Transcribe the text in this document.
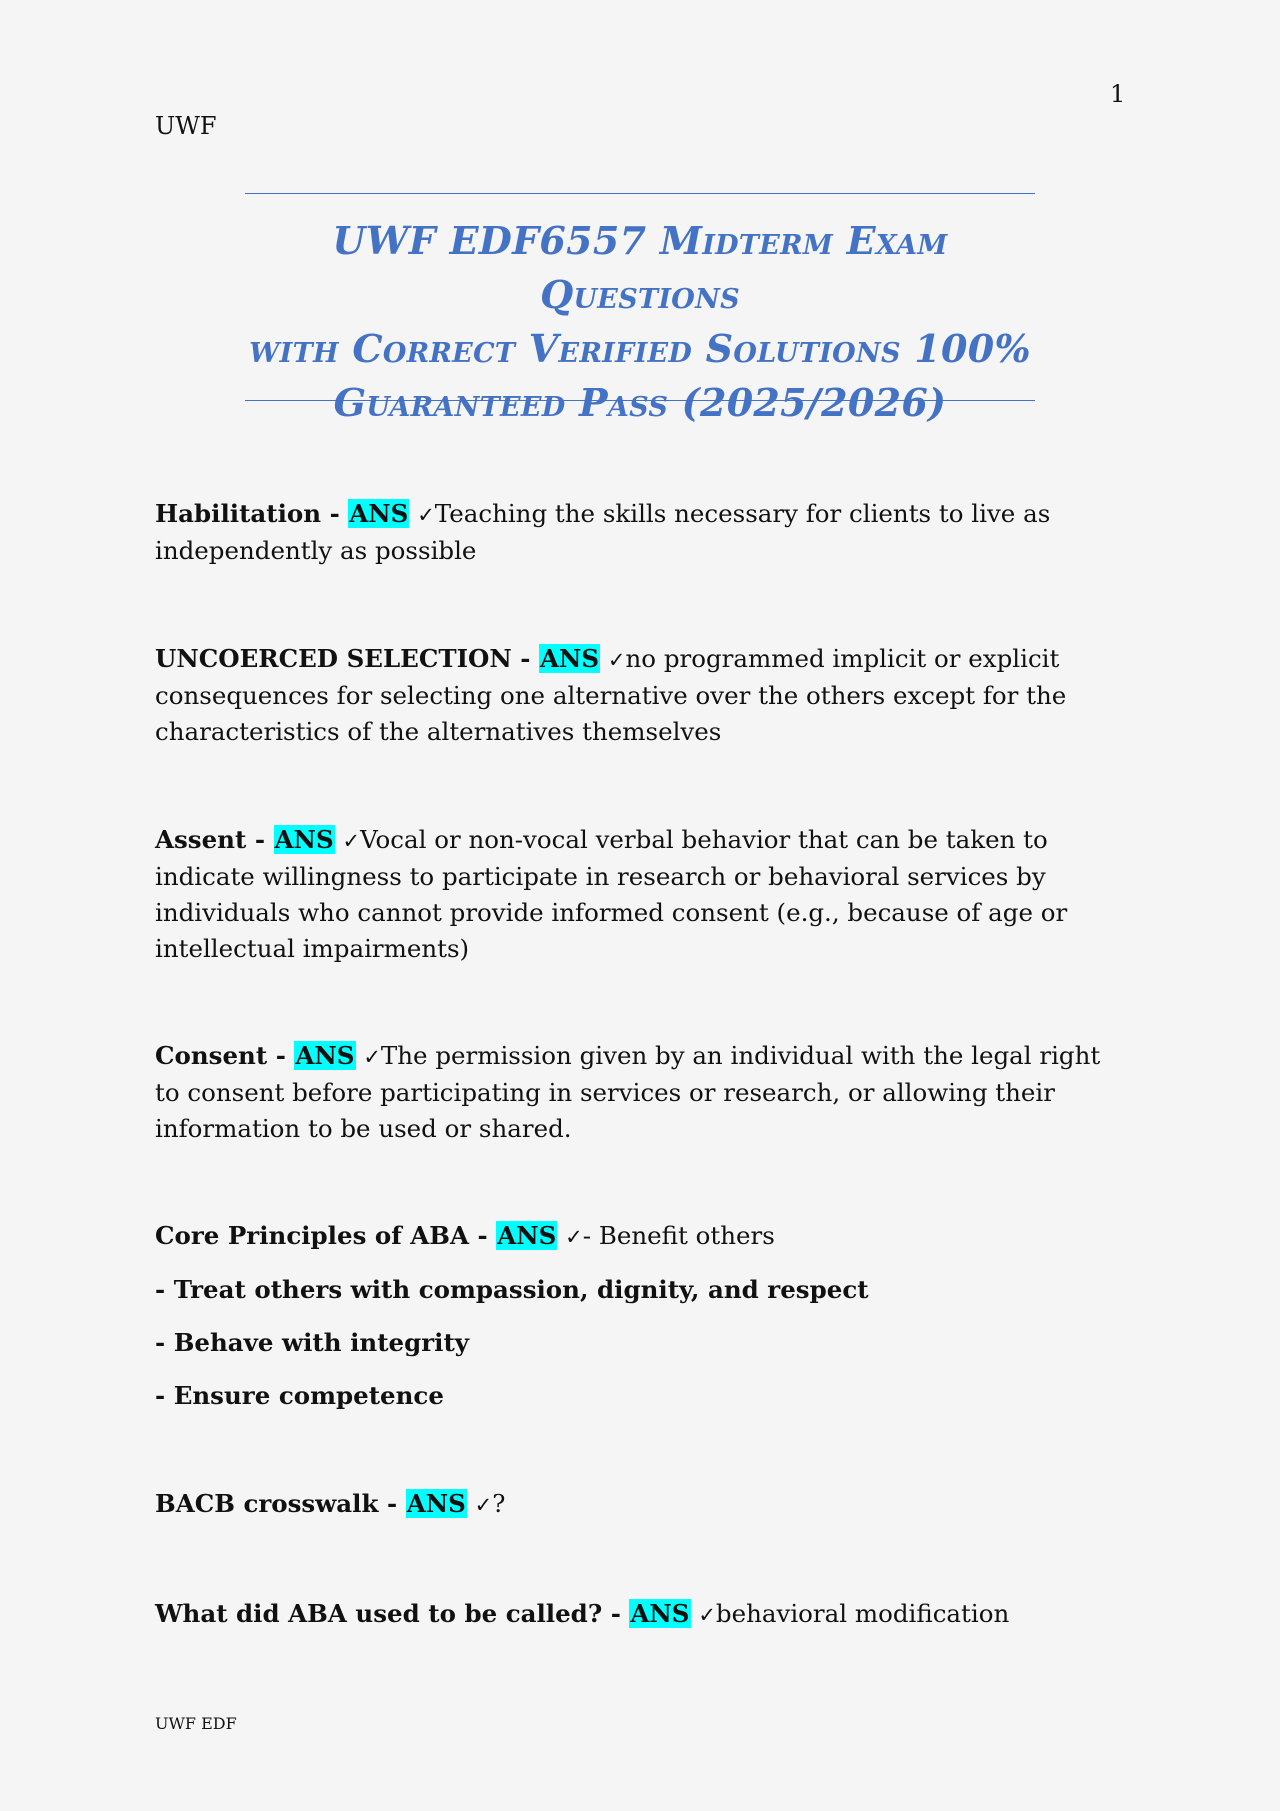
1
UWF
UWF EDF6557 Midterm Exam Questions
with Correct Verified Solutions 100%
Guaranteed Pass (2025/2026)
Habilitation - ANS ✓Teaching the skills necessary for clients to live as independently as possible
UNCOERCED SELECTION - ANS ✓no programmed implicit or explicit consequences for selecting one alternative over the others except for the characteristics of the alternatives themselves
Assent - ANS ✓Vocal or non-vocal verbal behavior that can be taken to indicate willingness to participate in research or behavioral services by individuals who cannot provide informed consent (e.g., because of age or intellectual impairments)
Consent - ANS ✓The permission given by an individual with the legal right to consent before participating in services or research, or allowing their information to be used or shared.
Core Principles of ABA - ANS ✓- Benefit others
- Treat others with compassion, dignity, and respect
- Behave with integrity
- Ensure competence
BACB crosswalk - ANS ✓?
What did ABA used to be called? - ANS ✓behavioral modification
UWF EDF
